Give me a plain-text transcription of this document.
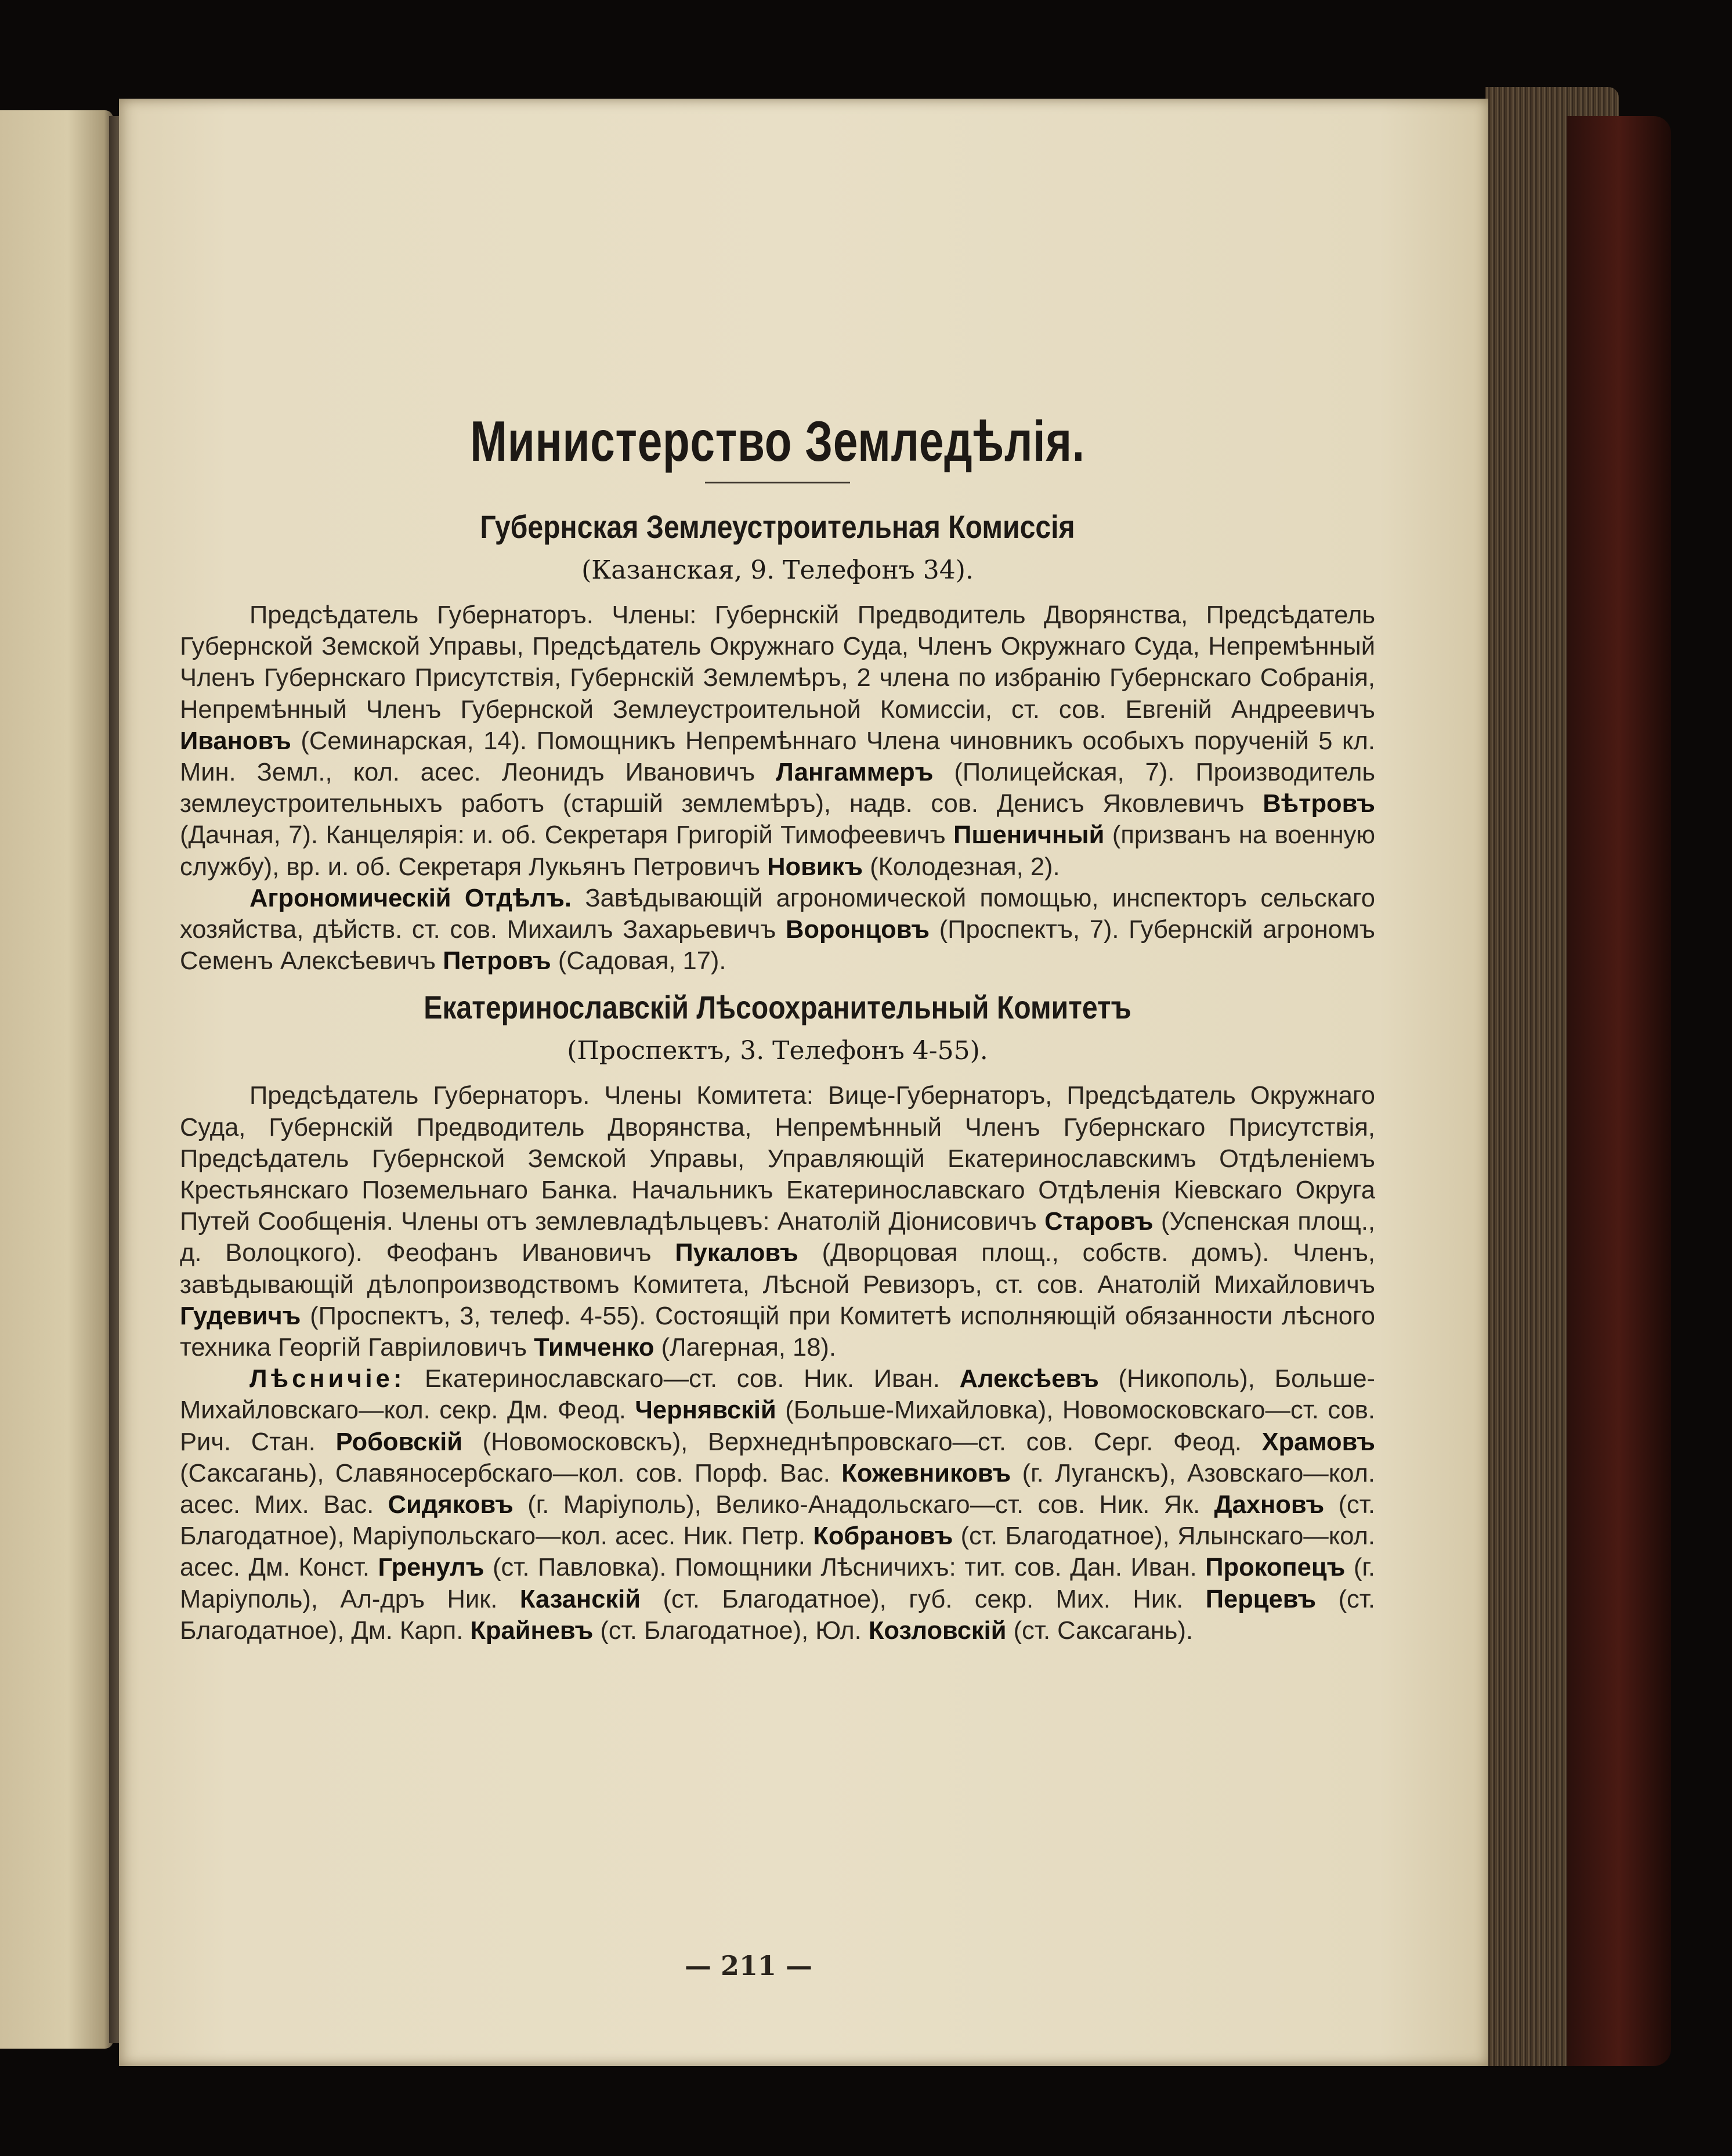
Министерство Земледѣлія.
Губернская Землеустроительная Комиссія
(Казанская, 9. Телефонъ 34).

Предсѣдатель Губернаторъ. Члены: Губернскій Предводитель Дворянства, Предсѣдатель Губернской Земской Управы, Предсѣдатель Окружнаго Суда, Членъ Окружнаго Суда, Непремѣнный Членъ Губернскаго Присутствія, Губернскій Землемѣръ, 2 члена по избранію Губернскаго Собранія, Непремѣнный Членъ Губернской Землеустроительной Комиссіи, ст. сов. Евгеній Андреевичъ Ивановъ (Семинарская, 14). Помощникъ Непремѣннаго Члена чиновникъ особыхъ порученій 5 кл. Мин. Земл., кол. асес. Леонидъ Ивановичъ Лангаммеръ (Полицейская, 7). Производитель землеустроительныхъ работъ (старшій землемѣръ), надв. сов. Денисъ Яковлевичъ Вѣтровъ (Дачная, 7). Канцелярія: и. об. Секретаря Григорій Тимофеевичъ Пшеничный (призванъ на военную службу), вр. и. об. Секретаря Лукьянъ Петровичъ Новикъ (Колодезная, 2).

Агрономическій Отдѣлъ. Завѣдывающій агрономической помощью, инспекторъ сельскаго хозяйства, дѣйств. ст. сов. Михаилъ Захарьевичъ Воронцовъ (Проспектъ, 7). Губернскій агрономъ Семенъ Алексѣевичъ Петровъ (Садовая, 17).

Екатеринославскій Лѣсоохранительный Комитетъ
(Проспектъ, 3. Телефонъ 4-55).

Предсѣдатель Губернаторъ. Члены Комитета: Вице-Губернаторъ, Предсѣдатель Окружнаго Суда, Губернскій Предводитель Дворянства, Непремѣнный Членъ Губернскаго Присутствія, Предсѣдатель Губернской Земской Управы, Управляющій Екатеринославскимъ Отдѣленіемъ Крестьянскаго Поземельнаго Банка. Начальникъ Екатеринославскаго Отдѣленія Кіевскаго Округа Путей Сообщенія. Члены отъ землевладѣльцевъ: Анатолій Діонисовичъ Старовъ (Успенская площ., д. Волоцкого). Феофанъ Ивановичъ Пукаловъ (Дворцовая площ., собств. домъ). Членъ, завѣдывающій дѣлопроизводствомъ Комитета, Лѣсной Ревизоръ, ст. сов. Анатолій Михайловичъ Гудевичъ (Проспектъ, 3, телеф. 4-55). Состоящій при Комитетѣ исполняющій обязанности лѣсного техника Георгій Гавріиловичъ Тимченко (Лагерная, 18).

Лѣсничіе: Екатеринославскаго—ст. сов. Ник. Иван. Алексѣевъ (Никополь), Больше-Михайловскаго—кол. секр. Дм. Феод. Чернявскій (Больше-Михайловка), Новомосковскаго—ст. сов. Рич. Стан. Робовскій (Новомосковскъ), Верхнеднѣпровскаго—ст. сов. Серг. Феод. Храмовъ (Саксагань), Славяносербскаго—кол. сов. Порф. Вас. Кожевниковъ (г. Луганскъ), Азовскаго—кол. асес. Мих. Вас. Сидяковъ (г. Маріуполь), Велико-Анадольскаго—ст. сов. Ник. Як. Дахновъ (ст. Благодатное), Маріупольскаго—кол. асес. Ник. Петр. Кобрановъ (ст. Благодатное), Ялынскаго—кол. асес. Дм. Конст. Гренулъ (ст. Павловка). Помощники Лѣсничихъ: тит. сов. Дан. Иван. Прокопецъ (г. Маріуполь), Ал-дръ Ник. Казанскій (ст. Благодатное), губ. секр. Мих. Ник. Перцевъ (ст. Благодатное), Дм. Карп. Крайневъ (ст. Благодатное), Юл. Козловскій (ст. Саксагань).

— 211 —
